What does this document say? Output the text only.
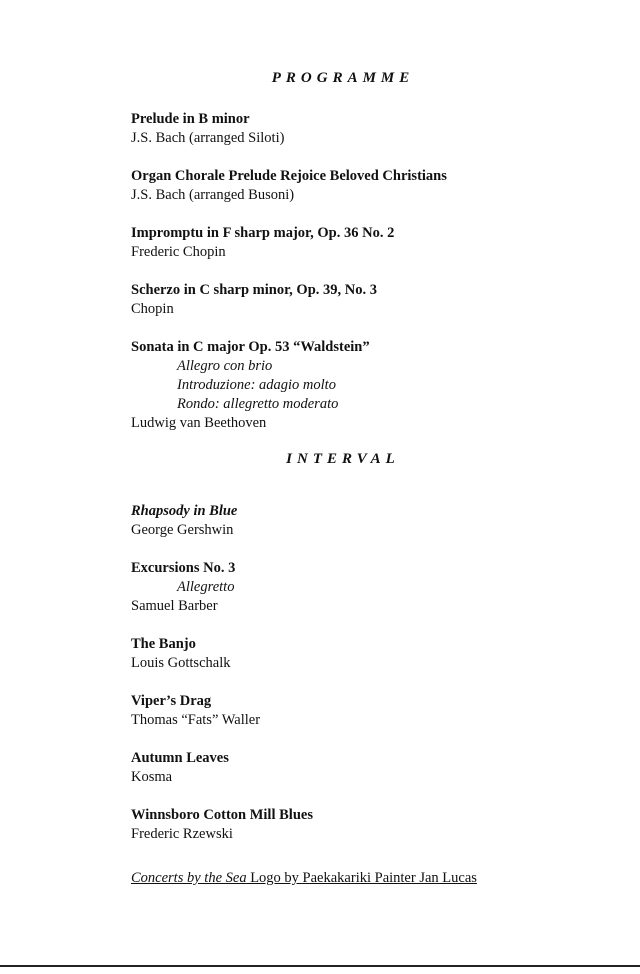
PROGRAMME
Prelude in B minor
J.S. Bach (arranged Siloti)
Organ Chorale Prelude Rejoice Beloved Christians
J.S. Bach (arranged Busoni)
Impromptu in F sharp major, Op. 36 No. 2
Frederic Chopin
Scherzo in C sharp minor, Op. 39, No. 3
Chopin
Sonata in C major Op. 53 “Waldstein”
Allegro con brio
Introduzione: adagio molto
Rondo: allegretto moderato
Ludwig van Beethoven
Rhapsody in Blue
George Gershwin
Excursions No. 3
Allegretto
Samuel Barber
The Banjo
Louis Gottschalk
Viper’s Drag
Thomas “Fats” Waller
Autumn Leaves
Kosma
Winnsboro Cotton Mill Blues
Frederic Rzewski
INTERVAL
Concerts by the Sea Logo by Paekakariki Painter Jan Lucas
